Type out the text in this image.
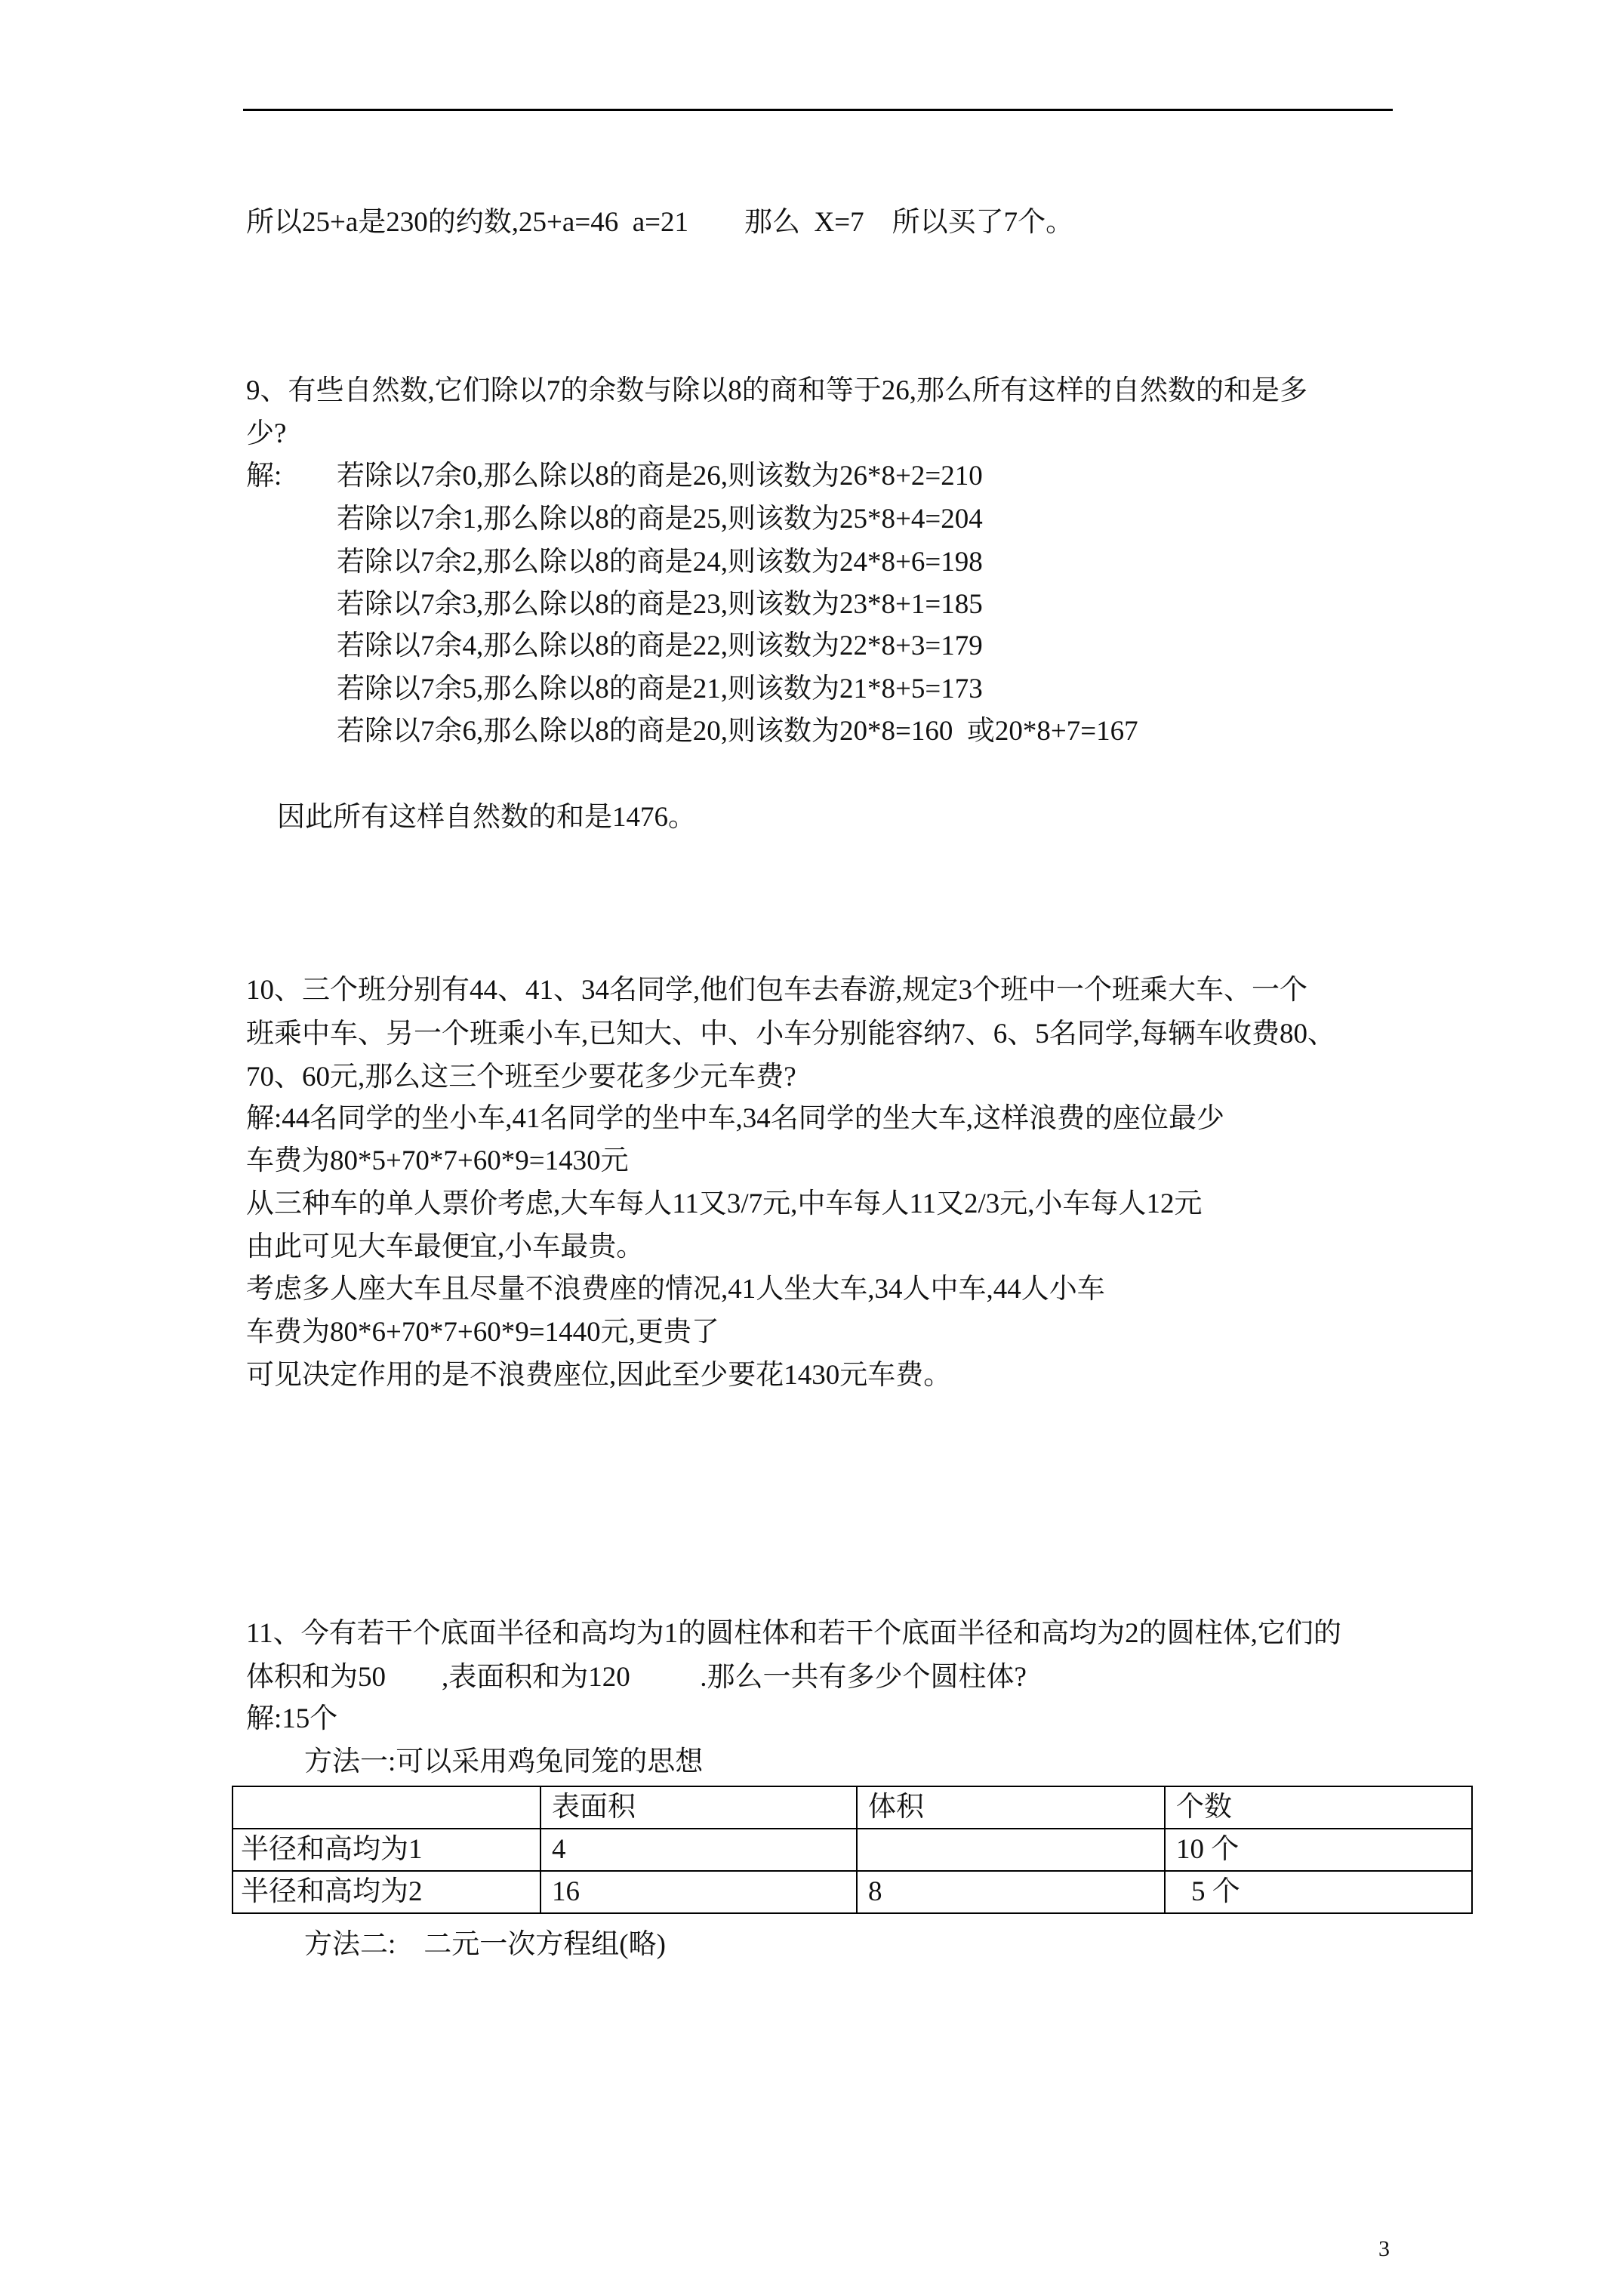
所以25+a是230的约数,25+a=46 a=21    那么 X=7  所以买了7个。
9、有些自然数,它们除以7的余数与除以8的商和等于26,那么所有这样的自然数的和是多
少?
解: 若除以7余0,那么除以8的商是26,则该数为26*8+2=210
若除以7余1,那么除以8的商是25,则该数为25*8+4=204
若除以7余2,那么除以8的商是24,则该数为24*8+6=198
若除以7余3,那么除以8的商是23,则该数为23*8+1=185
若除以7余4,那么除以8的商是22,则该数为22*8+3=179
若除以7余5,那么除以8的商是21,则该数为21*8+5=173
若除以7余6,那么除以8的商是20,则该数为20*8=160 或20*8+7=167
因此所有这样自然数的和是1476。
10、三个班分别有44、41、34名同学,他们包车去春游,规定3个班中一个班乘大车、一个
班乘中车、另一个班乘小车,已知大、中、小车分别能容纳7、6、5名同学,每辆车收费80、
70、60元,那么这三个班至少要花多少元车费?
解:44名同学的坐小车,41名同学的坐中车,34名同学的坐大车,这样浪费的座位最少
车费为80*5+70*7+60*9=1430元
从三种车的单人票价考虑,大车每人11又3/7元,中车每人11又2/3元,小车每人12元
由此可见大车最便宜,小车最贵。
考虑多人座大车且尽量不浪费座的情况,41人坐大车,34人中车,44人小车
车费为80*6+70*7+60*9=1440元,更贵了
可见决定作用的是不浪费座位,因此至少要花1430元车费。
11、今有若干个底面半径和高均为1的圆柱体和若干个底面半径和高均为2的圆柱体,它们的
体积和为50    ,表面积和为120     .那么一共有多少个圆柱体?
解:15个
方法一:可以采用鸡兔同笼的思想
	表面积	体积	个数
半径和高均为1	4		10 个
半径和高均为2	16	8	5 个
方法二:  二元一次方程组(略)
3
